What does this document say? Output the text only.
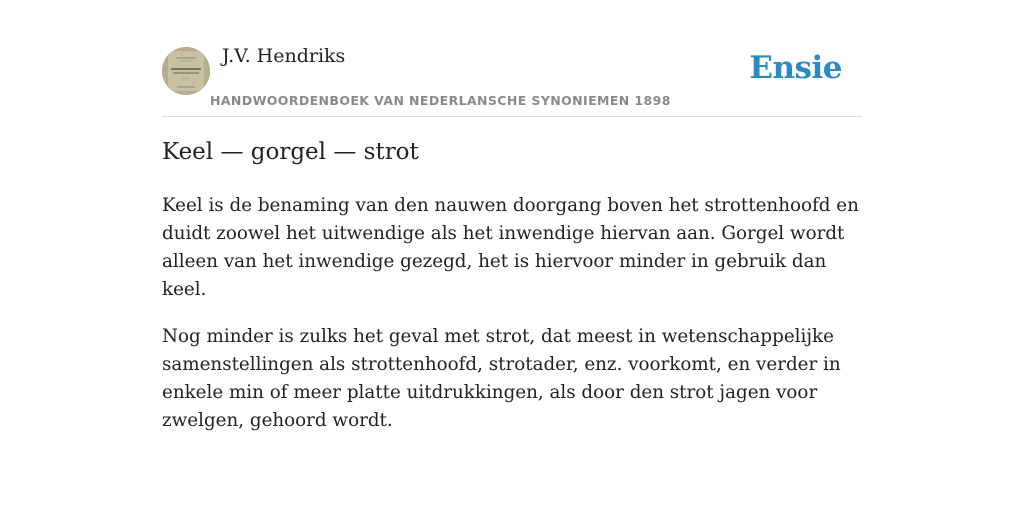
J.V. Hendriks
HANDWOORDENBOEK VAN NEDERLANSCHE SYNONIEMEN 1898
Ensie
Keel — gorgel — strot

Keel is de benaming van den nauwen doorgang boven het strottenhoofd en duidt zoowel het uitwendige als het inwendige hiervan aan. Gorgel wordt alleen van het inwendige gezegd, het is hiervoor minder in gebruik dan keel.

Nog minder is zulks het geval met strot, dat meest in wetenschappelijke samenstellingen als strottenhoofd, strotader, enz. voorkomt, en verder in enkele min of meer platte uitdrukkingen, als door den strot jagen voor zwelgen, gehoord wordt.
